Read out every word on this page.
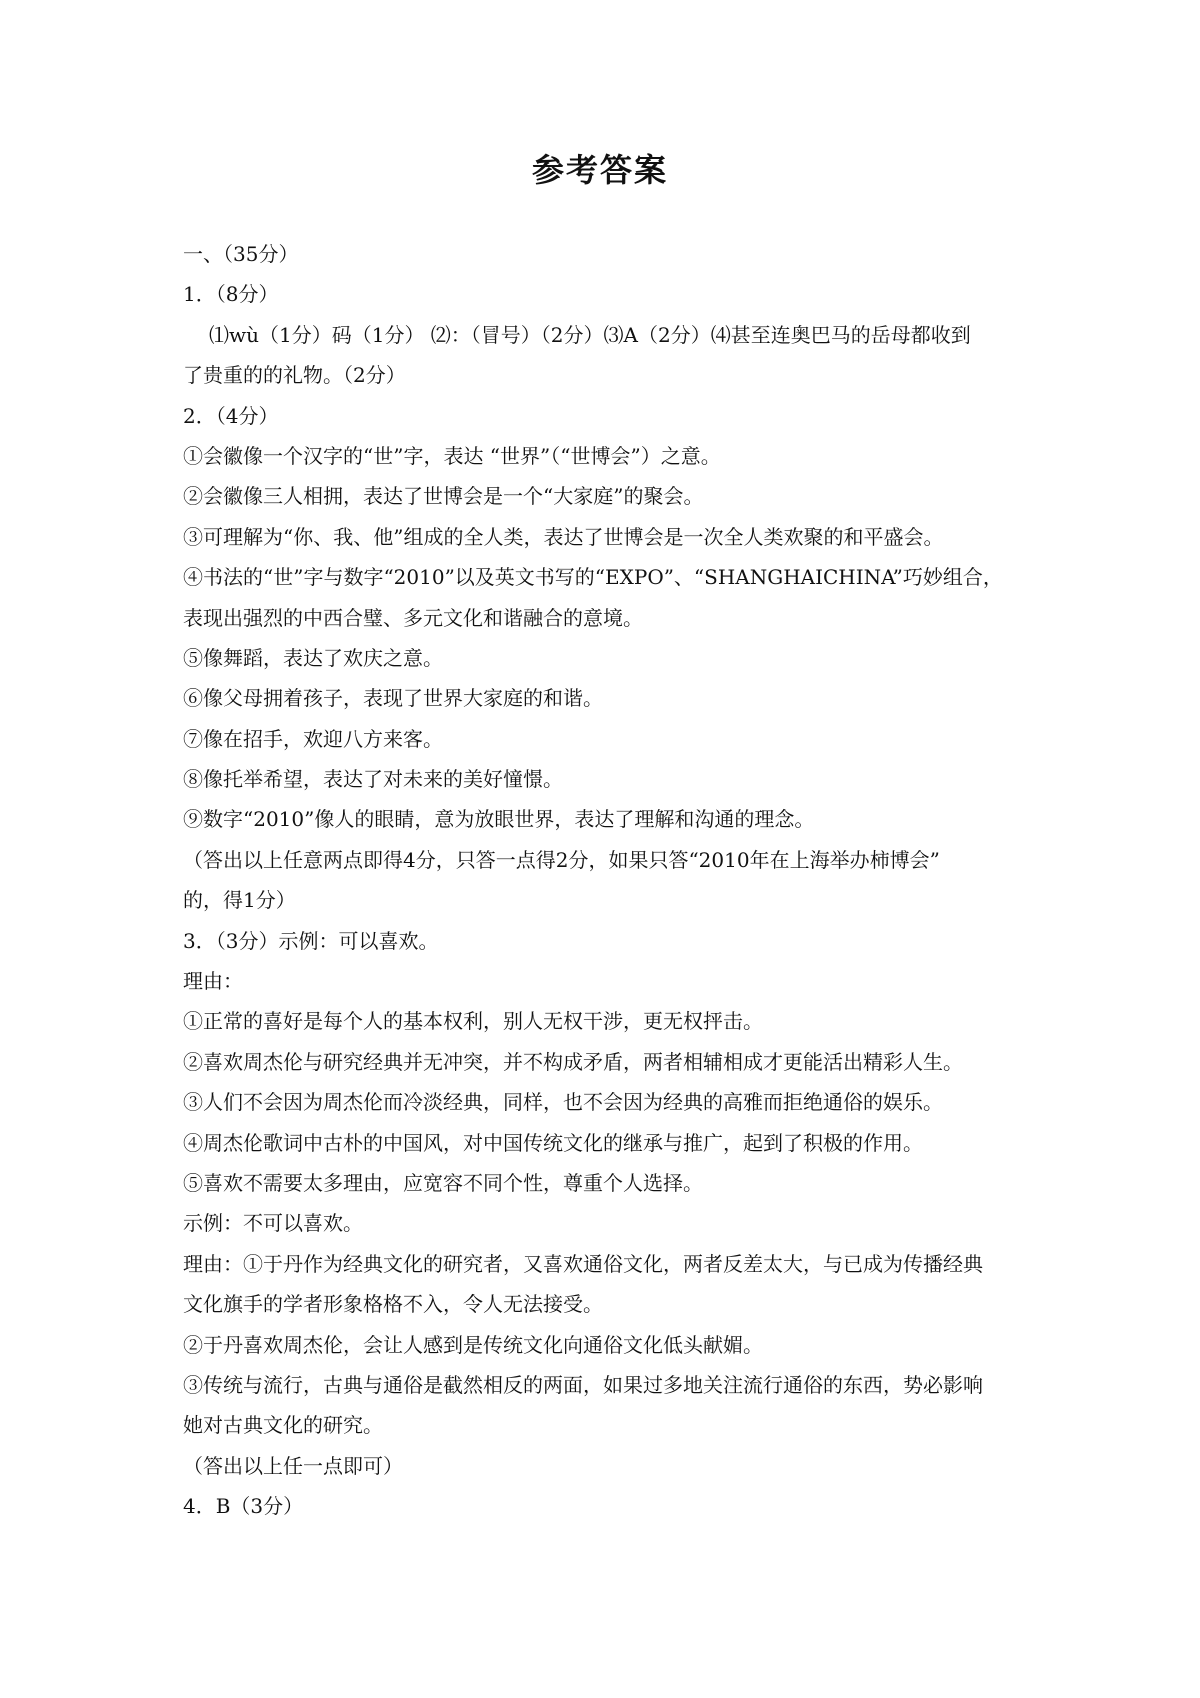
参考答案
一、（35分）
1．（8分）
⑴wù（1分）码（1分） ⑵：（冒号）（2分）⑶A（2分）⑷甚至连奥巴马的岳母都收到
了贵重的的礼物。（2分）
2．（4分）
①会徽像一个汉字的“世”字，表达 “世界”（“世博会”）之意。
②会徽像三人相拥，表达了世博会是一个“大家庭”的聚会。
③可理解为“你、我、他”组成的全人类，表达了世博会是一次全人类欢聚的和平盛会。
④书法的“世”字与数字“2010”以及英文书写的“EXPO”、“SHANGHAICHINA”巧妙组合，
表现出强烈的中西合璧、多元文化和谐融合的意境。
⑤像舞蹈，表达了欢庆之意。
⑥像父母拥着孩子，表现了世界大家庭的和谐。
⑦像在招手，欢迎八方来客。
⑧像托举希望，表达了对未来的美好憧憬。
⑨数字“2010”像人的眼睛，意为放眼世界，表达了理解和沟通的理念。
（答出以上任意两点即得4分，只答一点得2分，如果只答“2010年在上海举办柿博会”
的，得1分）
3．（3分）示例：可以喜欢。
理由：
①正常的喜好是每个人的基本权利，别人无权干涉，更无权抨击。
②喜欢周杰伦与研究经典并无冲突，并不构成矛盾，两者相辅相成才更能活出精彩人生。
③人们不会因为周杰伦而冷淡经典，同样，也不会因为经典的高雅而拒绝通俗的娱乐。
④周杰伦歌词中古朴的中国风，对中国传统文化的继承与推广，起到了积极的作用。
⑤喜欢不需要太多理由，应宽容不同个性，尊重个人选择。
示例：不可以喜欢。
理由：①于丹作为经典文化的研究者，又喜欢通俗文化，两者反差太大，与已成为传播经典
文化旗手的学者形象格格不入，令人无法接受。
②于丹喜欢周杰伦，会让人感到是传统文化向通俗文化低头献媚。
③传统与流行，古典与通俗是截然相反的两面，如果过多地关注流行通俗的东西，势必影响
她对古典文化的研究。
（答出以上任一点即可）
4．B（3分）
